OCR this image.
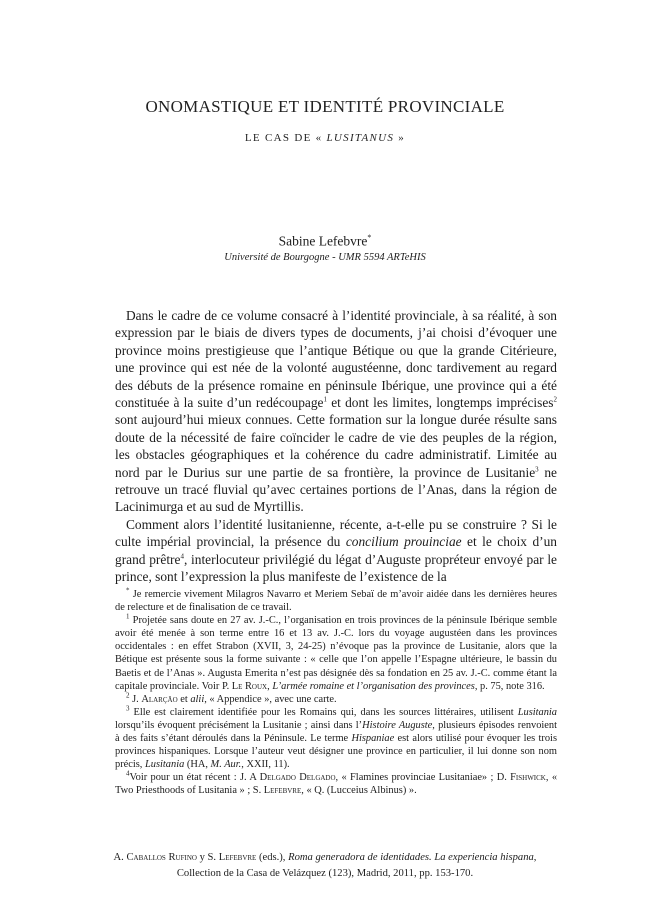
ONOMASTIQUE ET IDENTITÉ PROVINCIALE
LE CAS DE « LUSITANUS »
Sabine Lefebvre*
Université de Bourgogne - UMR 5594 ARTeHIS

Dans le cadre de ce volume consacré à l’identité provinciale, à sa réalité, à son expression par le biais de divers types de documents, j’ai choisi d’évoquer une province moins prestigieuse que l’antique Bétique ou que la grande Citérieure, une province qui est née de la volonté augustéenne, donc tardivement au regard des débuts de la présence romaine en péninsule Ibérique, une province qui a été constituée à la suite d’un redécoupage$^1$ et dont les limites, longtemps imprécises$^2$ sont aujourd’hui mieux connues. Cette formation sur la longue durée résulte sans doute de la nécessité de faire coïncider le cadre de vie des peuples de la région, les obstacles géographiques et la cohérence du cadre administratif. Limitée au nord par le Durius sur une partie de sa frontière, la province de Lusitanie$^3$ ne retrouve un tracé fluvial qu’avec certaines portions de l’Anas, dans la région de Lacinimurga et au sud de Myrtillis.

Comment alors l’identité lusitanienne, récente, a-t-elle pu se construire ? Si le culte impérial provincial, la présence du concilium prouinciae et le choix d’un grand prêtre$^4$, interlocuteur privilégié du légat d’Auguste propréteur envoyé par le prince, sont l’expression la plus manifeste de l’existence de la

* Je remercie vivement Milagros Navarro et Meriem Sebaï de m’avoir aidée dans les dernières heures de relecture et de finalisation de ce travail.

$^1$ Projetée sans doute en 27 av. J.-C., l’organisation en trois provinces de la péninsule Ibérique semble avoir été menée à son terme entre 16 et 13 av. J.-C. lors du voyage augustéen dans les provinces occidentales : en effet Strabon (XVII, 3, 24-25) n’évoque pas la province de Lusitanie, alors que la Bétique est présente sous la forme suivante : « celle que l’on appelle l’Espagne ultérieure, le bassin du Baetis et de l’Anas ». Augusta Emerita n’est pas désignée dès sa fondation en 25 av. J.-C. comme étant la capitale provinciale. Voir P. Le Roux, L’armée romaine et l’organisation des provinces, p. 75, note 316.

$^2$ J. Alarção et alii, « Appendice », avec une carte.

$^3$ Elle est clairement identifiée pour les Romains qui, dans les sources littéraires, utilisent Lusitania lorsqu’ils évoquent précisément la Lusitanie ; ainsi dans l’Histoire Auguste, plusieurs épisodes renvoient à des faits s’étant déroulés dans la Péninsule. Le terme Hispaniae est alors utilisé pour évoquer les trois provinces hispaniques. Lorsque l’auteur veut désigner une province en particulier, il lui donne son nom précis, Lusitania (HA, M. Aur., XXII, 11).

$^4$Voir pour un état récent : J. A Delgado Delgado, « Flamines provinciae Lusitaniae» ; D. Fishwick, « Two Priesthoods of Lusitania » ; S. Lefebvre, « Q. (Lucceius Albinus) ».

A. Caballos Rufino y S. Lefebvre (eds.), Roma generadora de identidades. La experiencia hispana,
Collection de la Casa de Velázquez (123), Madrid, 2011, pp. 153-170.
